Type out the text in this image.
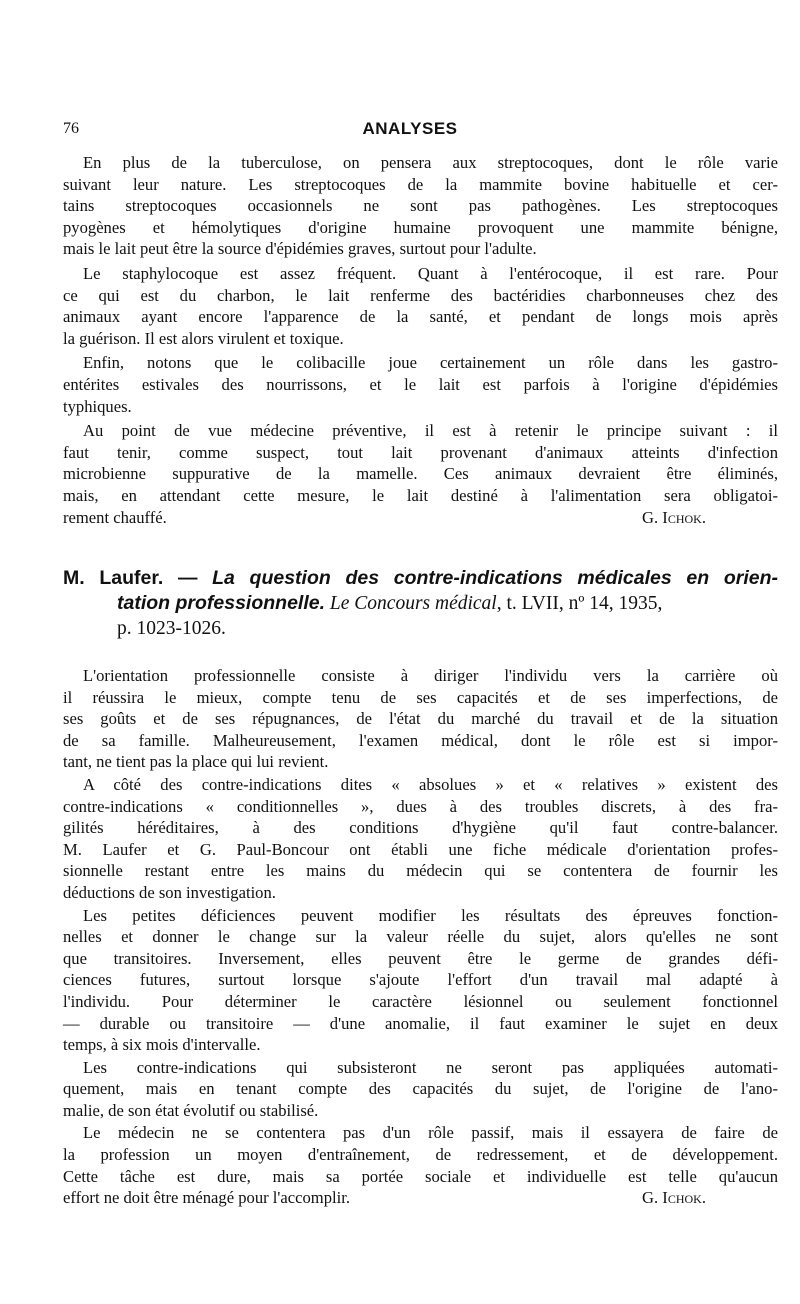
76	ANALYSES
En plus de la tuberculose, on pensera aux streptocoques, dont le rôle varie
suivant leur nature. Les streptocoques de la mammite bovine habituelle et cer-
tains streptocoques occasionnels ne sont pas pathogènes. Les streptocoques
pyogènes et hémolytiques d'origine humaine provoquent une mammite bénigne,
mais le lait peut être la source d'épidémies graves, surtout pour l'adulte.
Le staphylocoque est assez fréquent. Quant à l'entérocoque, il est rare. Pour
ce qui est du charbon, le lait renferme des bactéridies charbonneuses chez des
animaux ayant encore l'apparence de la santé, et pendant de longs mois après
la guérison. Il est alors virulent et toxique.
Enfin, notons que le colibacille joue certainement un rôle dans les gastro-
entérites estivales des nourrissons, et le lait est parfois à l'origine d'épidémies
typhiques.
Au point de vue médecine préventive, il est à retenir le principe suivant : il
faut tenir, comme suspect, tout lait provenant d'animaux atteints d'infection
microbienne suppurative de la mamelle. Ces animaux devraient être éliminés,
mais, en attendant cette mesure, le lait destiné à l'alimentation sera obligatoi-
rement chauffé.	G. Ichok.
M. Laufer. — La question des contre-indications médicales en orien-
tation professionnelle. Le Concours médical, t. LVII, nº 14, 1935,
p. 1023-1026.
L'orientation professionnelle consiste à diriger l'individu vers la carrière où
il réussira le mieux, compte tenu de ses capacités et de ses imperfections, de
ses goûts et de ses répugnances, de l'état du marché du travail et de la situation
de sa famille. Malheureusement, l'examen médical, dont le rôle est si impor-
tant, ne tient pas la place qui lui revient.
A côté des contre-indications dites « absolues » et « relatives » existent des
contre-indications « conditionnelles », dues à des troubles discrets, à des fra-
gilités héréditaires, à des conditions d'hygiène qu'il faut contre-balancer.
M. Laufer et G. Paul-Boncour ont établi une fiche médicale d'orientation profes-
sionnelle restant entre les mains du médecin qui se contentera de fournir les
déductions de son investigation.
Les petites déficiences peuvent modifier les résultats des épreuves fonction-
nelles et donner le change sur la valeur réelle du sujet, alors qu'elles ne sont
que transitoires. Inversement, elles peuvent être le germe de grandes défi-
ciences futures, surtout lorsque s'ajoute l'effort d'un travail mal adapté à
l'individu. Pour déterminer le caractère lésionnel ou seulement fonctionnel
— durable ou transitoire — d'une anomalie, il faut examiner le sujet en deux
temps, à six mois d'intervalle.
Les contre-indications qui subsisteront ne seront pas appliquées automati-
quement, mais en tenant compte des capacités du sujet, de l'origine de l'ano-
malie, de son état évolutif ou stabilisé.
Le médecin ne se contentera pas d'un rôle passif, mais il essayera de faire de
la profession un moyen d'entraînement, de redressement, et de développement.
Cette tâche est dure, mais sa portée sociale et individuelle est telle qu'aucun
effort ne doit être ménagé pour l'accomplir.	G. Ichok.
